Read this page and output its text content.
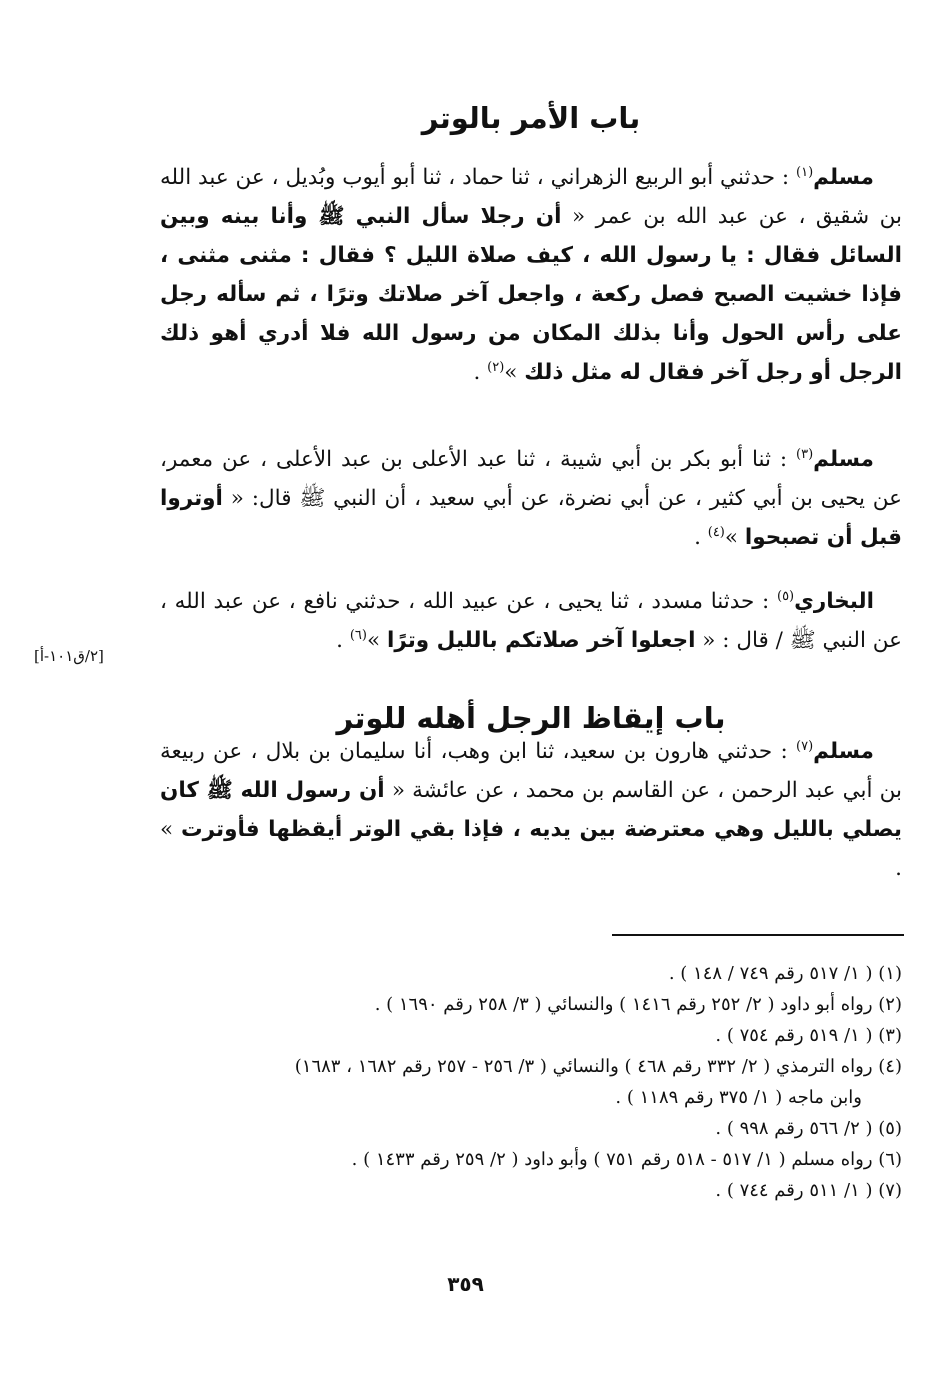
باب الأمر بالوتر
مسلم$^{(١)}$ : حدثني أبو الربيع الزهراني ، ثنا حماد ، ثنا أبو أيوب وبُديل ، عن عبد الله بن شقيق ، عن عبد الله بن عمر « أن رجلا سأل النبي ﷺ وأنا بينه وبين السائل فقال : يا رسول الله ، كيف صلاة الليل ؟ فقال : مثنى مثنى ، فإذا خشيت الصبح فصل ركعة ، واجعل آخر صلاتك وترًا ، ثم سأله رجل على رأس الحول وأنا بذلك المكان من رسول الله فلا أدري أهو ذلك الرجل أو رجل آخر فقال له مثل ذلك »$^{(٢)}$ .
مسلم$^{(٣)}$ : ثنا أبو بكر بن أبي شيبة ، ثنا عبد الأعلى بن عبد الأعلى ، عن معمر، عن يحيى بن أبي كثير ، عن أبي نضرة، عن أبي سعيد ، أن النبي ﷺ قال: « أوتروا قبل أن تصبحوا »$^{(٤)}$ .
البخاري$^{(٥)}$ : حدثنا مسدد ، ثنا يحيى ، عن عبيد الله ، حدثني نافع ، عن عبد الله ، عن النبي ﷺ / قال : « اجعلوا آخر صلاتكم بالليل وترًا »$^{(٦)}$ .
[٢/ق١٠١-أ]
باب إيقاظ الرجل أهله للوتر
مسلم$^{(٧)}$ : حدثني هارون بن سعيد، ثنا ابن وهب، أنا سليمان بن بلال ، عن ربيعة بن أبي عبد الرحمن ، عن القاسم بن محمد ، عن عائشة « أن رسول الله ﷺ كان يصلي بالليل وهي معترضة بين يديه ، فإذا بقي الوتر أيقظها فأوترت » .
(١) ( ١/ ٥١٧ رقم ٧٤٩ / ١٤٨ ) .
(٢) رواه أبو داود ( ٢/ ٢٥٢ رقم ١٤١٦ ) والنسائي ( ٣/ ٢٥٨ رقم ١٦٩٠ ) .
(٣) ( ١/ ٥١٩ رقم ٧٥٤ ) .
(٤) رواه الترمذي ( ٢/ ٣٣٢ رقم ٤٦٨ ) والنسائي ( ٣/ ٢٥٦ - ٢٥٧ رقم ١٦٨٢ ، ١٦٨٣)
وابن ماجه ( ١/ ٣٧٥ رقم ١١٨٩ ) .
(٥) ( ٢/ ٥٦٦ رقم ٩٩٨ ) .
(٦) رواه مسلم ( ١/ ٥١٧ - ٥١٨ رقم ٧٥١ ) وأبو داود ( ٢/ ٢٥٩ رقم ١٤٣٣ ) .
(٧) ( ١/ ٥١١ رقم ٧٤٤ ) .
٣٥٩
